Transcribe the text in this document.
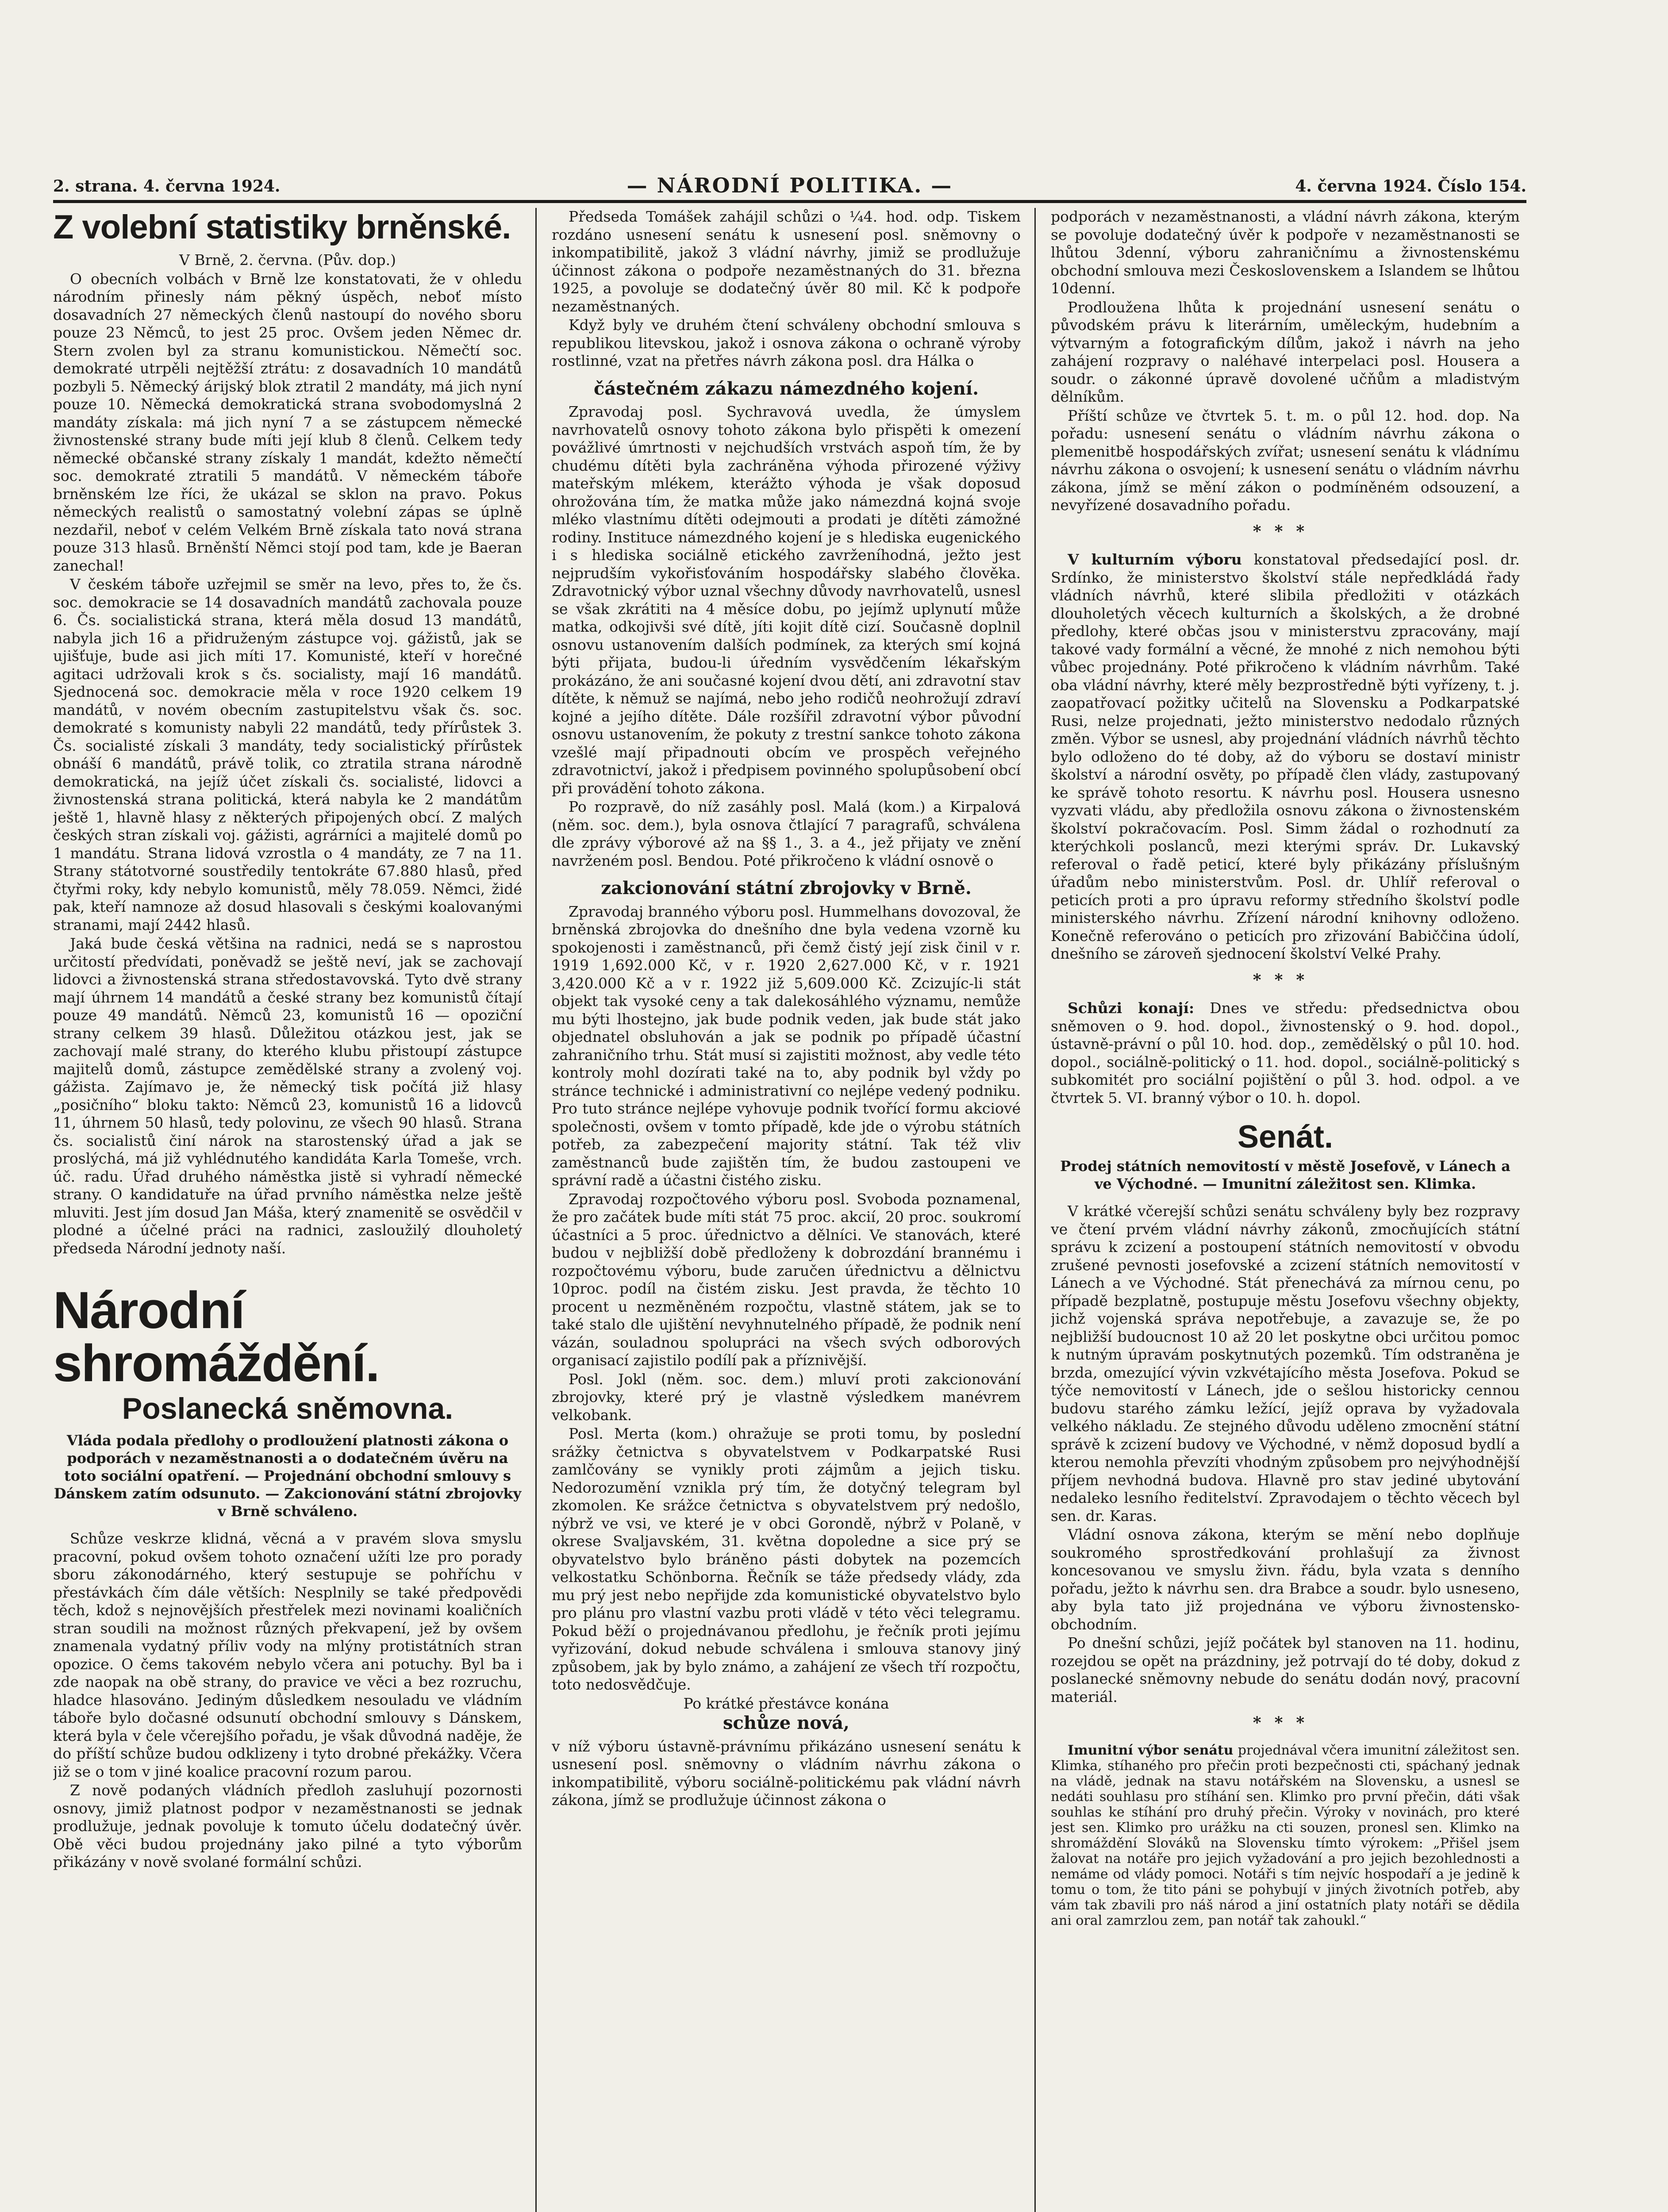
2. strana. 4. června 1924.	— NÁRODNÍ POLITIKA. —	4. června 1924. Číslo 154.
Z volební statistiky brněnské.

V Brně, 2. června. (Pův. dop.)

O obecních volbách v Brně lze konstatovati, že v ohledu národním přinesly nám pěkný úspěch, neboť místo dosavadních 27 německých členů nastoupí do nového sboru pouze 23 Němců, to jest 25 proc. Ovšem jeden Němec dr. Stern zvolen byl za stranu komunistickou. Němečtí soc. demokraté utrpěli nejtěžší ztrátu: z dosavadních 10 mandátů pozbyli 5. Německý árijský blok ztratil 2 mandáty, má jich nyní pouze 10. Německá demokratická strana svobodomyslná 2 mandáty získala: má jich nyní 7 a se zástupcem německé živnostenské strany bude míti její klub 8 členů. Celkem tedy německé občanské strany získaly 1 mandát, kdežto němečtí soc. demokraté ztratili 5 mandátů. V německém táboře brněnském lze říci, že ukázal se sklon na pravo. Pokus německých realistů o samostatný volební zápas se úplně nezdařil, neboť v celém Velkém Brně získala tato nová strana pouze 313 hlasů. Brněnští Němci stojí pod tam, kde je Baeran zanechal!

V českém táboře uzřejmil se směr na levo, přes to, že čs. soc. demokracie se 14 dosavadních mandátů zachovala pouze 6. Čs. socialistická strana, která měla dosud 13 mandátů, nabyla jich 16 a přidruženým zástupce voj. gážistů, jak se ujišťuje, bude asi jich míti 17. Komunisté, kteří v horečné agitaci udržovali krok s čs. socialisty, mají 16 mandátů. Sjednocená soc. demokracie měla v roce 1920 celkem 19 mandátů, v novém obecním zastupitelstvu však čs. soc. demokraté s komunisty nabyli 22 mandátů, tedy přírůstek 3. Čs. socialisté získali 3 mandáty, tedy socialistický přírůstek obnáší 6 mandátů, právě tolik, co ztratila strana národně demokratická, na jejíž účet získali čs. socialisté, lidovci a živnostenská strana politická, která nabyla ke 2 mandátům ještě 1, hlavně hlasy z některých připojených obcí. Z malých českých stran získali voj. gážisti, agrárníci a majitelé domů po 1 mandátu. Strana lidová vzrostla o 4 mandáty, ze 7 na 11. Strany státotvorné soustředily tentokráte 67.880 hlasů, před čtyřmi roky, kdy nebylo komunistů, měly 78.059. Němci, židé pak, kteří namnoze až dosud hlasovali s českými koalovanými stranami, mají 2442 hlasů.

Jaká bude česká většina na radnici, nedá se s naprostou určitostí předvídati, poněvadž se ještě neví, jak se zachovají lidovci a živnostenská strana středostavovská. Tyto dvě strany mají úhrnem 14 mandátů a české strany bez komunistů čítají pouze 49 mandátů. Němců 23, komunistů 16 — opoziční strany celkem 39 hlasů. Důležitou otázkou jest, jak se zachovají malé strany, do kterého klubu přistoupí zástupce majitelů domů, zástupce zemědělské strany a zvolený voj. gážista. Zajímavo je, že německý tisk počítá již hlasy „posičního“ bloku takto: Němců 23, komunistů 16 a lidovců 11, úhrnem 50 hlasů, tedy polovinu, ze všech 90 hlasů. Strana čs. socialistů činí nárok na starostenský úřad a jak se proslýchá, má již vyhlédnutého kandidáta Karla Tomeše, vrch. úč. radu. Úřad druhého náměstka jistě si vyhradí německé strany. O kandidatuře na úřad prvního náměstka nelze ještě mluviti. Jest jím dosud Jan Máša, který znamenitě se osvědčil v plodné a účelné práci na radnici, zasloužilý dlouholetý předseda Národní jednoty naší.

Národní shromáždění.
Poslanecká sněmovna.
Vláda podala předlohy o prodloužení platnosti zákona o podporách v nezaměstnanosti a o dodatečném úvěru na toto sociální opatření. — Projednání obchodní smlouvy s Dánskem zatím odsunuto. — Zakcionování státní zbrojovky v Brně schváleno.

Schůze veskrze klidná, věcná a v pravém slova smyslu pracovní, pokud ovšem tohoto označení užíti lze pro porady sboru zákonodárného, který sestupuje se pohříchu v přestávkách čím dále větších: Nesplnily se také předpovědi těch, kdož s nejnovějších přestřelek mezi novinami koaličních stran soudili na možnost různých překvapení, jež by ovšem znamenala vydatný příliv vody na mlýny protistátních stran opozice. O čems takovém nebylo včera ani potuchy. Byl ba i zde naopak na obě strany, do pravice ve věci a bez rozruchu, hladce hlasováno. Jediným důsledkem nesouladu ve vládním táboře bylo dočasné odsunutí obchodní smlouvy s Dánskem, která byla v čele včerejšího pořadu, je však důvodná naděje, že do příští schůze budou odklizeny i tyto drobné překážky. Včera již se o tom v jiné koalice pracovní rozum parou.

Z nově podaných vládních předloh zasluhují pozornosti osnovy, jimiž platnost podpor v nezaměstnanosti se jednak prodlužuje, jednak povoluje k tomuto účelu dodatečný úvěr. Obě věci budou projednány jako pilné a tyto výborům přikázány v nově svolané formální schůzi.

Předseda Tomášek zahájil schůzi o ¼4. hod. odp. Tiskem rozdáno usnesení senátu k usnesení posl. sněmovny o inkompatibilitě, jakož 3 vládní návrhy, jimiž se prodlužuje účinnost zákona o podpoře nezaměstnaných do 31. března 1925, a povoluje se dodatečný úvěr 80 mil. Kč k podpoře nezaměstnaných.

Když byly ve druhém čtení schváleny obchodní smlouva s republikou litevskou, jakož i osnova zákona o ochraně výroby rostlinné, vzat na přetřes návrh zákona posl. dra Hálka o

částečném zákazu námezdného kojení.

Zpravodaj posl. Sychravová uvedla, že úmyslem navrhovatelů osnovy tohoto zákona bylo přispěti k omezení povážlivé úmrtnosti v nejchudších vrstvách aspoň tím, že by chudému dítěti byla zachráněna výhoda přirozené výživy mateřským mlékem, kterážto výhoda je však doposud ohrožována tím, že matka může jako námezdná kojná svoje mléko vlastnímu dítěti odejmouti a prodati je dítěti zámožné rodiny. Instituce námezdného kojení je s hlediska eugenického i s hlediska sociálně etického zavrženíhodná, ježto jest nejprudším vykořisťováním hospodářsky slabého člověka. Zdravotnický výbor uznal všechny důvody navrhovatelů, usnesl se však zkrátiti na 4 měsíce dobu, po jejímž uplynutí může matka, odkojivši své dítě, jíti kojit dítě cizí. Současně doplnil osnovu ustanovením dalších podmínek, za kterých smí kojná býti přijata, budou-li úředním vysvědčením lékařským prokázáno, že ani současné kojení dvou dětí, ani zdravotní stav dítěte, k němuž se najímá, nebo jeho rodičů neohrožují zdraví kojné a jejího dítěte. Dále rozšířil zdravotní výbor původní osnovu ustanovením, že pokuty z trestní sankce tohoto zákona vzešlé mají připadnouti obcím ve prospěch veřejného zdravotnictví, jakož i předpisem povinného spolupůsobení obcí při provádění tohoto zákona.

Po rozpravě, do níž zasáhly posl. Malá (kom.) a Kirpalová (něm. soc. dem.), byla osnova čtlající 7 paragrafů, schválena dle zprávy výborové až na §§ 1., 3. a 4., jež přijaty ve znění navrženém posl. Bendou. Poté přikročeno k vládní osnově o

zakcionování státní zbrojovky v Brně.

Zpravodaj branného výboru posl. Hummelhans dovozoval, že brněnská zbrojovka do dnešního dne byla vedena vzorně ku spokojenosti i zaměstnanců, při čemž čistý její zisk činil v r. 1919 1,692.000 Kč, v r. 1920 2,627.000 Kč, v r. 1921 3,420.000 Kč a v r. 1922 již 5,609.000 Kč. Zcizujíc-li stát objekt tak vysoké ceny a tak dalekosáhlého významu, nemůže mu býti lhostejno, jak bude podnik veden, jak bude stát jako objednatel obsluhován a jak se podnik po případě účastní zahraničního trhu. Stát musí si zajistiti možnost, aby vedle této kontroly mohl dozírati také na to, aby podnik byl vždy po stránce technické i administrativní co nejlépe vedený podniku. Pro tuto stránce nejlépe vyhovuje podnik tvořící formu akciové společnosti, ovšem v tomto případě, kde jde o výrobu státních potřeb, za zabezpečení majority státní. Tak též vliv zaměstnanců bude zajištěn tím, že budou zastoupeni ve správní radě a účastni čistého zisku.

Zpravodaj rozpočtového výboru posl. Svoboda poznamenal, že pro začátek bude míti stát 75 proc. akcií, 20 proc. soukromí účastníci a 5 proc. úřednictvo a dělníci. Ve stanovách, které budou v nejbližší době předloženy k dobrozdání brannému i rozpočtovému výboru, bude zaručen úřednictvu a dělnictvu 10proc. podíl na čistém zisku. Jest pravda, že těchto 10 procent u nezměněném rozpočtu, vlastně státem, jak se to také stalo dle ujištění nevyhnutelného případě, že podnik není vázán, souladnou spolupráci na všech svých odborových organisací zajistilo podílí pak a příznivější.

Posl. Jokl (něm. soc. dem.) mluví proti zakcionování zbrojovky, které prý je vlastně výsledkem manévrem velkobank.

Posl. Merta (kom.) ohražuje se proti tomu, by poslední srážky četnictva s obyvatelstvem v Podkarpatské Rusi zamlčovány se vynikly proti zájmům a jejich tisku. Nedorozumění vznikla prý tím, že dotyčný telegram byl zkomolen. Ke srážce četnictva s obyvatelstvem prý nedošlo, nýbrž ve vsi, ve které je v obci Gorondě, nýbrž v Polaně, v okrese Svaljavském, 31. května dopoledne a sice prý se obyvatelstvo bylo bráněno pásti dobytek na pozemcích velkostatku Schönborna. Řečník se táže předsedy vlády, zda mu prý jest nebo nepřijde zda komunistické obyvatelstvo bylo pro plánu pro vlastní vazbu proti vládě v této věci telegramu. Pokud běží o projednávanou předlohu, je řečník proti jejímu vyřizování, dokud nebude schválena i smlouva stanovy jiný způsobem, jak by bylo známo, a zahájení ze všech tří rozpočtu, toto nedosvědčuje.

Po krátké přestávce konána

schůze nová,

v níž výboru ústavně-právnímu přikázáno usnesení senátu k usnesení posl. sněmovny o vládním návrhu zákona o inkompatibilitě, výboru sociálně-politickému pak vládní návrh zákona, jímž se prodlužuje účinnost zákona o

podporách v nezaměstnanosti, a vládní návrh zákona, kterým se povoluje dodatečný úvěr k podpoře v nezaměstnanosti se lhůtou 3denní, výboru zahraničnímu a živnostenskému obchodní smlouva mezi Československem a Islandem se lhůtou 10denní.

Prodloužena lhůta k projednání usnesení senátu o původském právu k literárním, uměleckým, hudebním a výtvarným a fotografickým dílům, jakož i návrh na jeho zahájení rozpravy o naléhavé interpelaci posl. Housera a soudr. o zákonné úpravě dovolené učňům a mladistvým dělníkům.

Příští schůze ve čtvrtek 5. t. m. o půl 12. hod. dop. Na pořadu: usnesení senátu o vládním návrhu zákona o plemenitbě hospodářských zvířat; usnesení senátu k vládnímu návrhu zákona o osvojení; k usnesení senátu o vládním návrhu zákona, jímž se mění zákon o podmíněném odsouzení, a nevyřízené dosavadního pořadu.

***

V kulturním výboru konstatoval předsedající posl. dr. Srdínko, že ministerstvo školství stále nepředkládá řady vládních návrhů, které slibila předložiti v otázkách dlouholetých věcech kulturních a školských, a že drobné předlohy, které občas jsou v ministerstvu zpracovány, mají takové vady formální a věcné, že mnohé z nich nemohou býti vůbec projednány. Poté přikročeno k vládním návrhům. Také oba vládní návrhy, které měly bezprostředně býti vyřízeny, t. j. zaopatřovací požitky učitelů na Slovensku a Podkarpatské Rusi, nelze projednati, ježto ministerstvo nedodalo různých změn. Výbor se usnesl, aby projednání vládních návrhů těchto bylo odloženo do té doby, až do výboru se dostaví ministr školství a národní osvěty, po případě člen vlády, zastupovaný ke správě tohoto resortu. K návrhu posl. Housera usnesno vyzvati vládu, aby předložila osnovu zákona o živnostenském školství pokračovacím. Posl. Simm žádal o rozhodnutí za kterýchkoli poslanců, mezi kterými správ. Dr. Lukavský referoval o řadě peticí, které byly přikázány příslušným úřadům nebo ministerstvům. Posl. dr. Uhlíř referoval o peticích proti a pro úpravu reformy středního školství podle ministerského návrhu. Zřízení národní knihovny odloženo. Konečně referováno o peticích pro zřizování Babiččina údolí, dnešního se zároveň sjednocení školství Velké Prahy.

***

Schůzi konají: Dnes ve středu: předsednictva obou sněmoven o 9. hod. dopol., živnostenský o 9. hod. dopol., ústavně-právní o půl 10. hod. dop., zemědělský o půl 10. hod. dopol., sociálně-politický o 11. hod. dopol., sociálně-politický s subkomitét pro sociální pojištění o půl 3. hod. odpol. a ve čtvrtek 5. VI. branný výbor o 10. h. dopol.

Senát.
Prodej státních nemovitostí v městě Josefově, v Lánech a ve Východné. — Imunitní záležitost sen. Klimka.

V krátké včerejší schůzi senátu schváleny byly bez rozpravy ve čtení prvém vládní návrhy zákonů, zmocňujících státní správu k zcizení a postoupení státních nemovitostí v obvodu zrušené pevnosti josefovské a zcizení státních nemovitostí v Lánech a ve Východné. Stát přenechává za mírnou cenu, po případě bezplatně, postupuje městu Josefovu všechny objekty, jichž vojenská správa nepotřebuje, a zavazuje se, že po nejbližší budoucnost 10 až 20 let poskytne obci určitou pomoc k nutným úpravám poskytnutých pozemků. Tím odstraněna je brzda, omezující vývin vzkvétajícího města Josefova. Pokud se týče nemovitostí v Lánech, jde o sešlou historicky cennou budovu starého zámku ležící, jejíž oprava by vyžadovala velkého nákladu. Ze stejného důvodu uděleno zmocnění státní správě k zcizení budovy ve Východné, v němž doposud bydlí a kterou nemohla převzíti vhodným způsobem pro nejvýhodnější příjem nevhodná budova. Hlavně pro stav jediné ubytování nedaleko lesního ředitelství. Zpravodajem o těchto věcech byl sen. dr. Karas.

Vládní osnova zákona, kterým se mění nebo doplňuje soukromého sprostředkování prohlašují za živnost koncesovanou ve smyslu živn. řádu, byla vzata s denního pořadu, ježto k návrhu sen. dra Brabce a soudr. bylo usneseno, aby byla tato již projednána ve výboru živnostensko-obchodním.

Po dnešní schůzi, jejíž počátek byl stanoven na 11. hodinu, rozejdou se opět na prázdniny, jež potrvají do té doby, dokud z poslanecké sněmovny nebude do senátu dodán nový, pracovní materiál.

***

Imunitní výbor senátu projednával včera imunitní záležitost sen. Klimka, stíhaného pro přečin proti bezpečnosti cti, spáchaný jednak na vládě, jednak na stavu notářském na Slovensku, a usnesl se nedáti souhlasu pro stíhání sen. Klimko pro první přečin, dáti však souhlas ke stíhání pro druhý přečin. Výroky v novinách, pro které jest sen. Klimko pro urážku na cti souzen, pronesl sen. Klimko na shromáždění Slováků na Slovensku tímto výrokem: „Přišel jsem žalovat na notáře pro jejich vyžadování a pro jejich bezohlednosti a nemáme od vlády pomoci. Notáři s tím nejvíc hospodaří a je jedině k tomu o tom, že tito páni se pohybují v jiných životních potřeb, aby vám tak zbavili pro náš národ a jiní ostatních platy notáři se dědila ani oral zamrzlou zem, pan notář tak zahoukl.“
